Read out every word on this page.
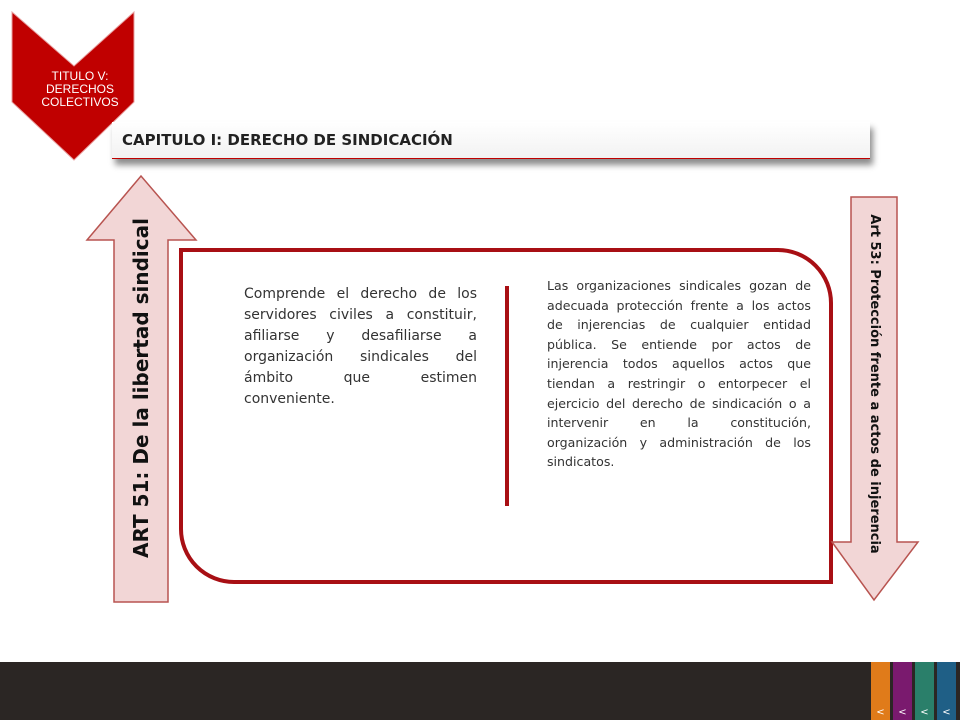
TITULO V:
DERECHOS
COLECTIVOS
CAPITULO I: DERECHO DE SINDICACIÓN
ART 51: De la libertad sindical	Comprende el derecho de los servidores civiles a constituir, afiliarse y desafiliarse a organización sindicales del ámbito que estimen conveniente.
Las organizaciones sindicales gozan de adecuada protección frente a los actos de injerencias de cualquier entidad pública. Se entiende por actos de injerencia todos aquellos actos que tiendan a restringir o entorpecer el ejercicio del derecho de sindicación o a intervenir en la constitución, organización y administración de los sindicatos.	Art 53: Protección frente a actos de injerencia
<	<	<	<
